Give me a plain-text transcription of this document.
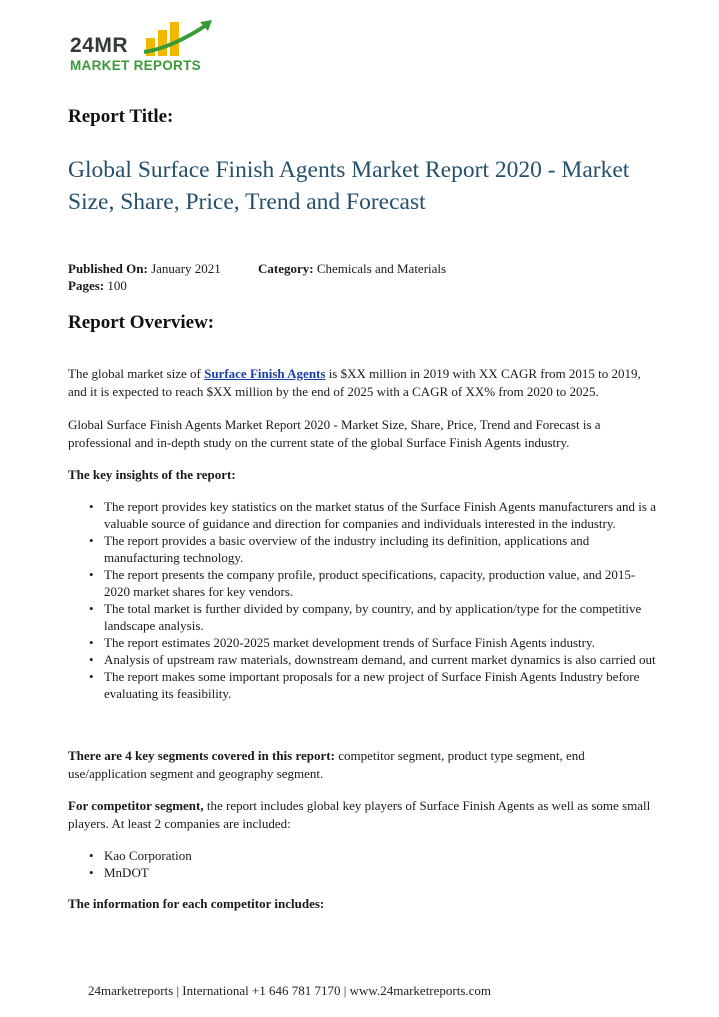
24MR
MARKET REPORTS
Report Title:
Global Surface Finish Agents Market Report 2020 - Market Size, Share, Price, Trend and Forecast
Published On: January 2021	Category: Chemicals and Materials
Pages: 100
Report Overview:
The global market size of Surface Finish Agents is $XX million in 2019 with XX CAGR from 2015 to 2019, and it is expected to reach $XX million by the end of 2025 with a CAGR of XX% from 2020 to 2025.
Global Surface Finish Agents Market Report 2020 - Market Size, Share, Price, Trend and Forecast is a professional and in-depth study on the current state of the global Surface Finish Agents industry.
The key insights of the report:
• The report provides key statistics on the market status of the Surface Finish Agents manufacturers and is a valuable source of guidance and direction for companies and individuals interested in the industry.
• The report provides a basic overview of the industry including its definition, applications and manufacturing technology.
• The report presents the company profile, product specifications, capacity, production value, and 2015-2020 market shares for key vendors.
• The total market is further divided by company, by country, and by application/type for the competitive landscape analysis.
• The report estimates 2020-2025 market development trends of Surface Finish Agents industry.
• Analysis of upstream raw materials, downstream demand, and current market dynamics is also carried out
• The report makes some important proposals for a new project of Surface Finish Agents Industry before evaluating its feasibility.
There are 4 key segments covered in this report: competitor segment, product type segment, end use/application segment and geography segment.
For competitor segment, the report includes global key players of Surface Finish Agents as well as some small players. At least 2 companies are included:
• Kao Corporation
• MnDOT
The information for each competitor includes:
24marketreports | International +1 646 781 7170 | www.24marketreports.com
